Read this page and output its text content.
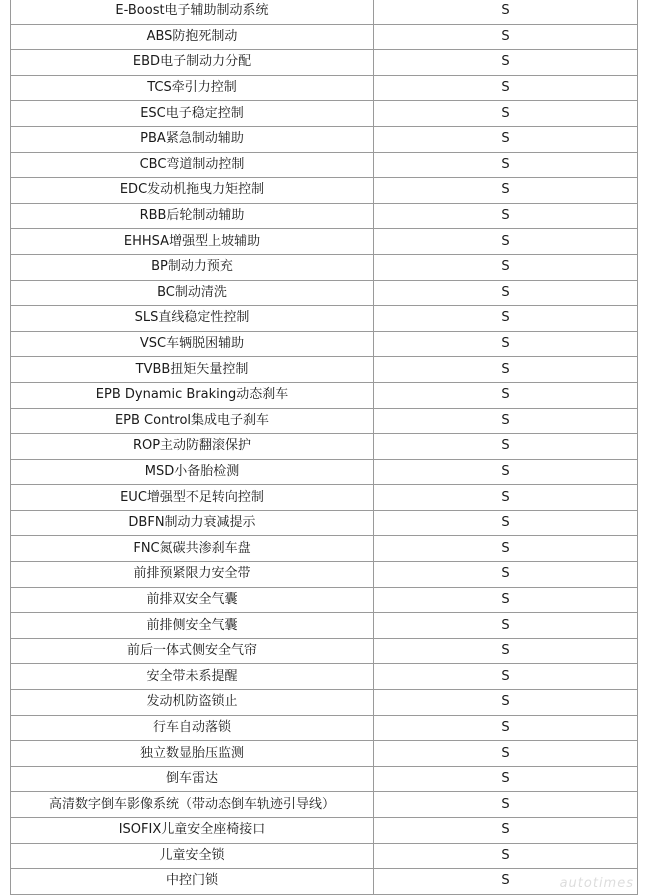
E-Boost电子辅助制动系统	S
ABS防抱死制动	S
EBD电子制动力分配	S
TCS牵引力控制	S
ESC电子稳定控制	S
PBA紧急制动辅助	S
CBC弯道制动控制	S
EDC发动机拖曳力矩控制	S
RBB后轮制动辅助	S
EHHSA增强型上坡辅助	S
BP制动力预充	S
BC制动清洗	S
SLS直线稳定性控制	S
VSC车辆脱困辅助	S
TVBB扭矩矢量控制	S
EPB Dynamic Braking动态刹车	S
EPB Control集成电子刹车	S
ROP主动防翻滚保护	S
MSD小备胎检测	S
EUC增强型不足转向控制	S
DBFN制动力衰减提示	S
FNC氮碳共渗刹车盘	S
前排预紧限力安全带	S
前排双安全气囊	S
前排侧安全气囊	S
前后一体式侧安全气帘	S
安全带未系提醒	S
发动机防盗锁止	S
行车自动落锁	S
独立数显胎压监测	S
倒车雷达	S
高清数字倒车影像系统（带动态倒车轨迹引导线）	S
ISOFIX儿童安全座椅接口	S
儿童安全锁	S
中控门锁	S	autotimes
